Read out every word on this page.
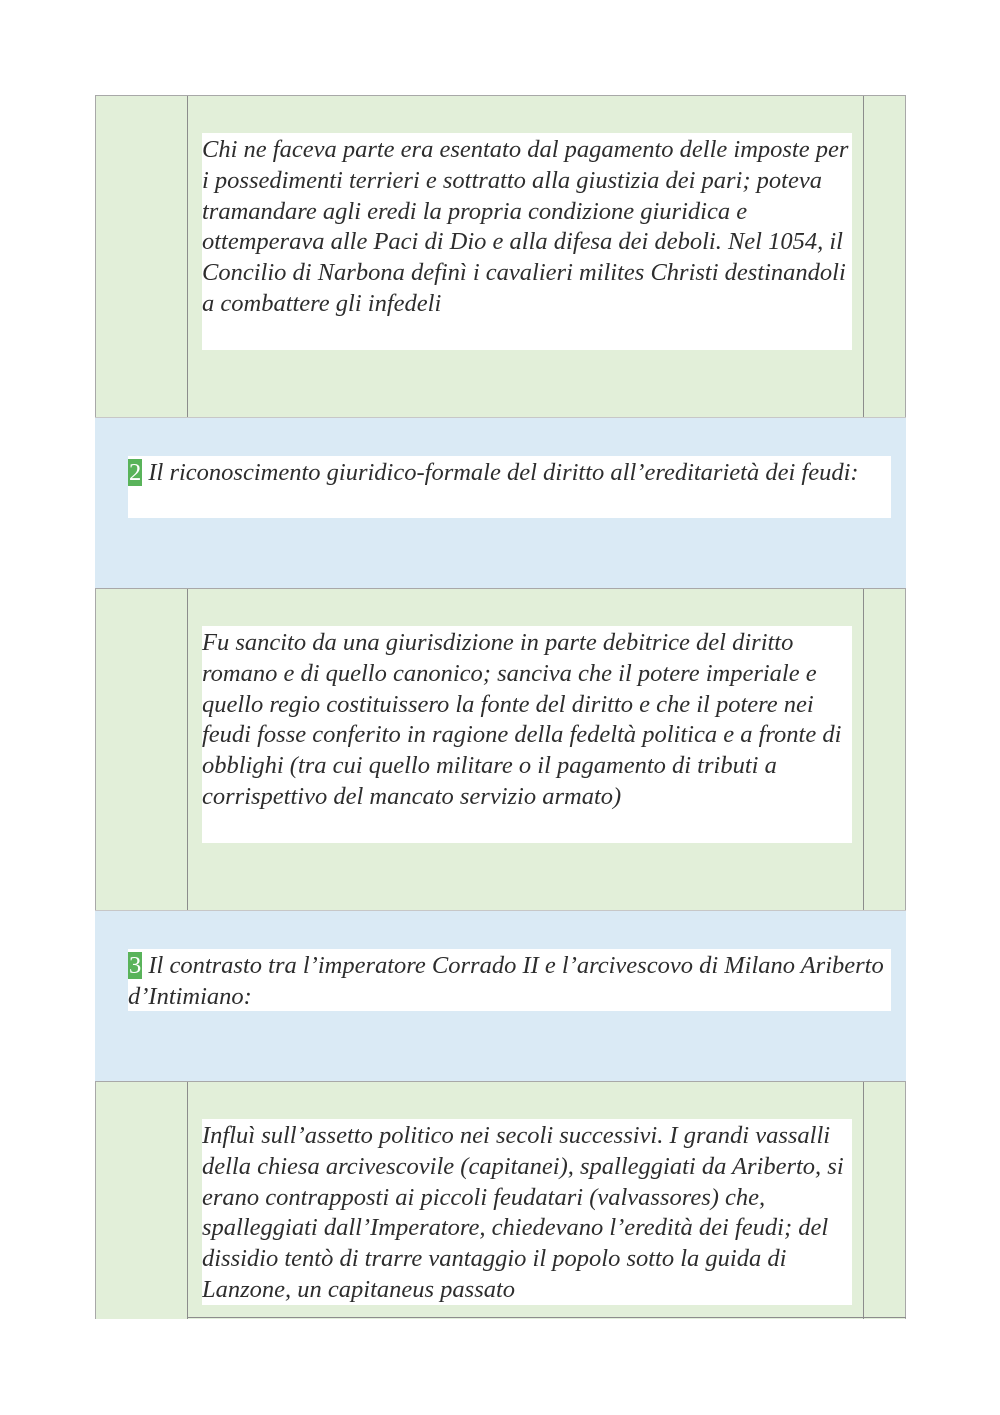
Chi ne faceva parte era esentato dal pagamento delle imposte per i possedimenti terrieri e sottratto alla giustizia dei pari; poteva tramandare agli eredi la propria condizione giuridica e ottemperava alle Paci di Dio e alla difesa dei deboli. Nel 1054, il Concilio di Narbona definì i cavalieri milites Christi destinandoli a combattere gli infedeli
2 Il riconoscimento giuridico-formale del diritto all’ereditarietà dei feudi:
Fu sancito da una giurisdizione in parte debitrice del diritto romano e di quello canonico; sanciva che il potere imperiale e quello regio costituissero la fonte del diritto e che il potere nei feudi fosse conferito in ragione della fedeltà politica e a fronte di obblighi (tra cui quello militare o il pagamento di tributi a corrispettivo del mancato servizio armato)
3 Il contrasto tra l’imperatore Corrado II e l’arcivescovo di Milano Ariberto d’Intimiano:
Influì sull’assetto politico nei secoli successivi. I grandi vassalli della chiesa arcivescovile (capitanei), spalleggiati da Ariberto, si erano contrapposti ai piccoli feudatari (valvassores) che, spalleggiati dall’Imperatore, chiedevano l’eredità dei feudi; del dissidio tentò di trarre vantaggio il popolo sotto la guida di Lanzone, un capitaneus passato
